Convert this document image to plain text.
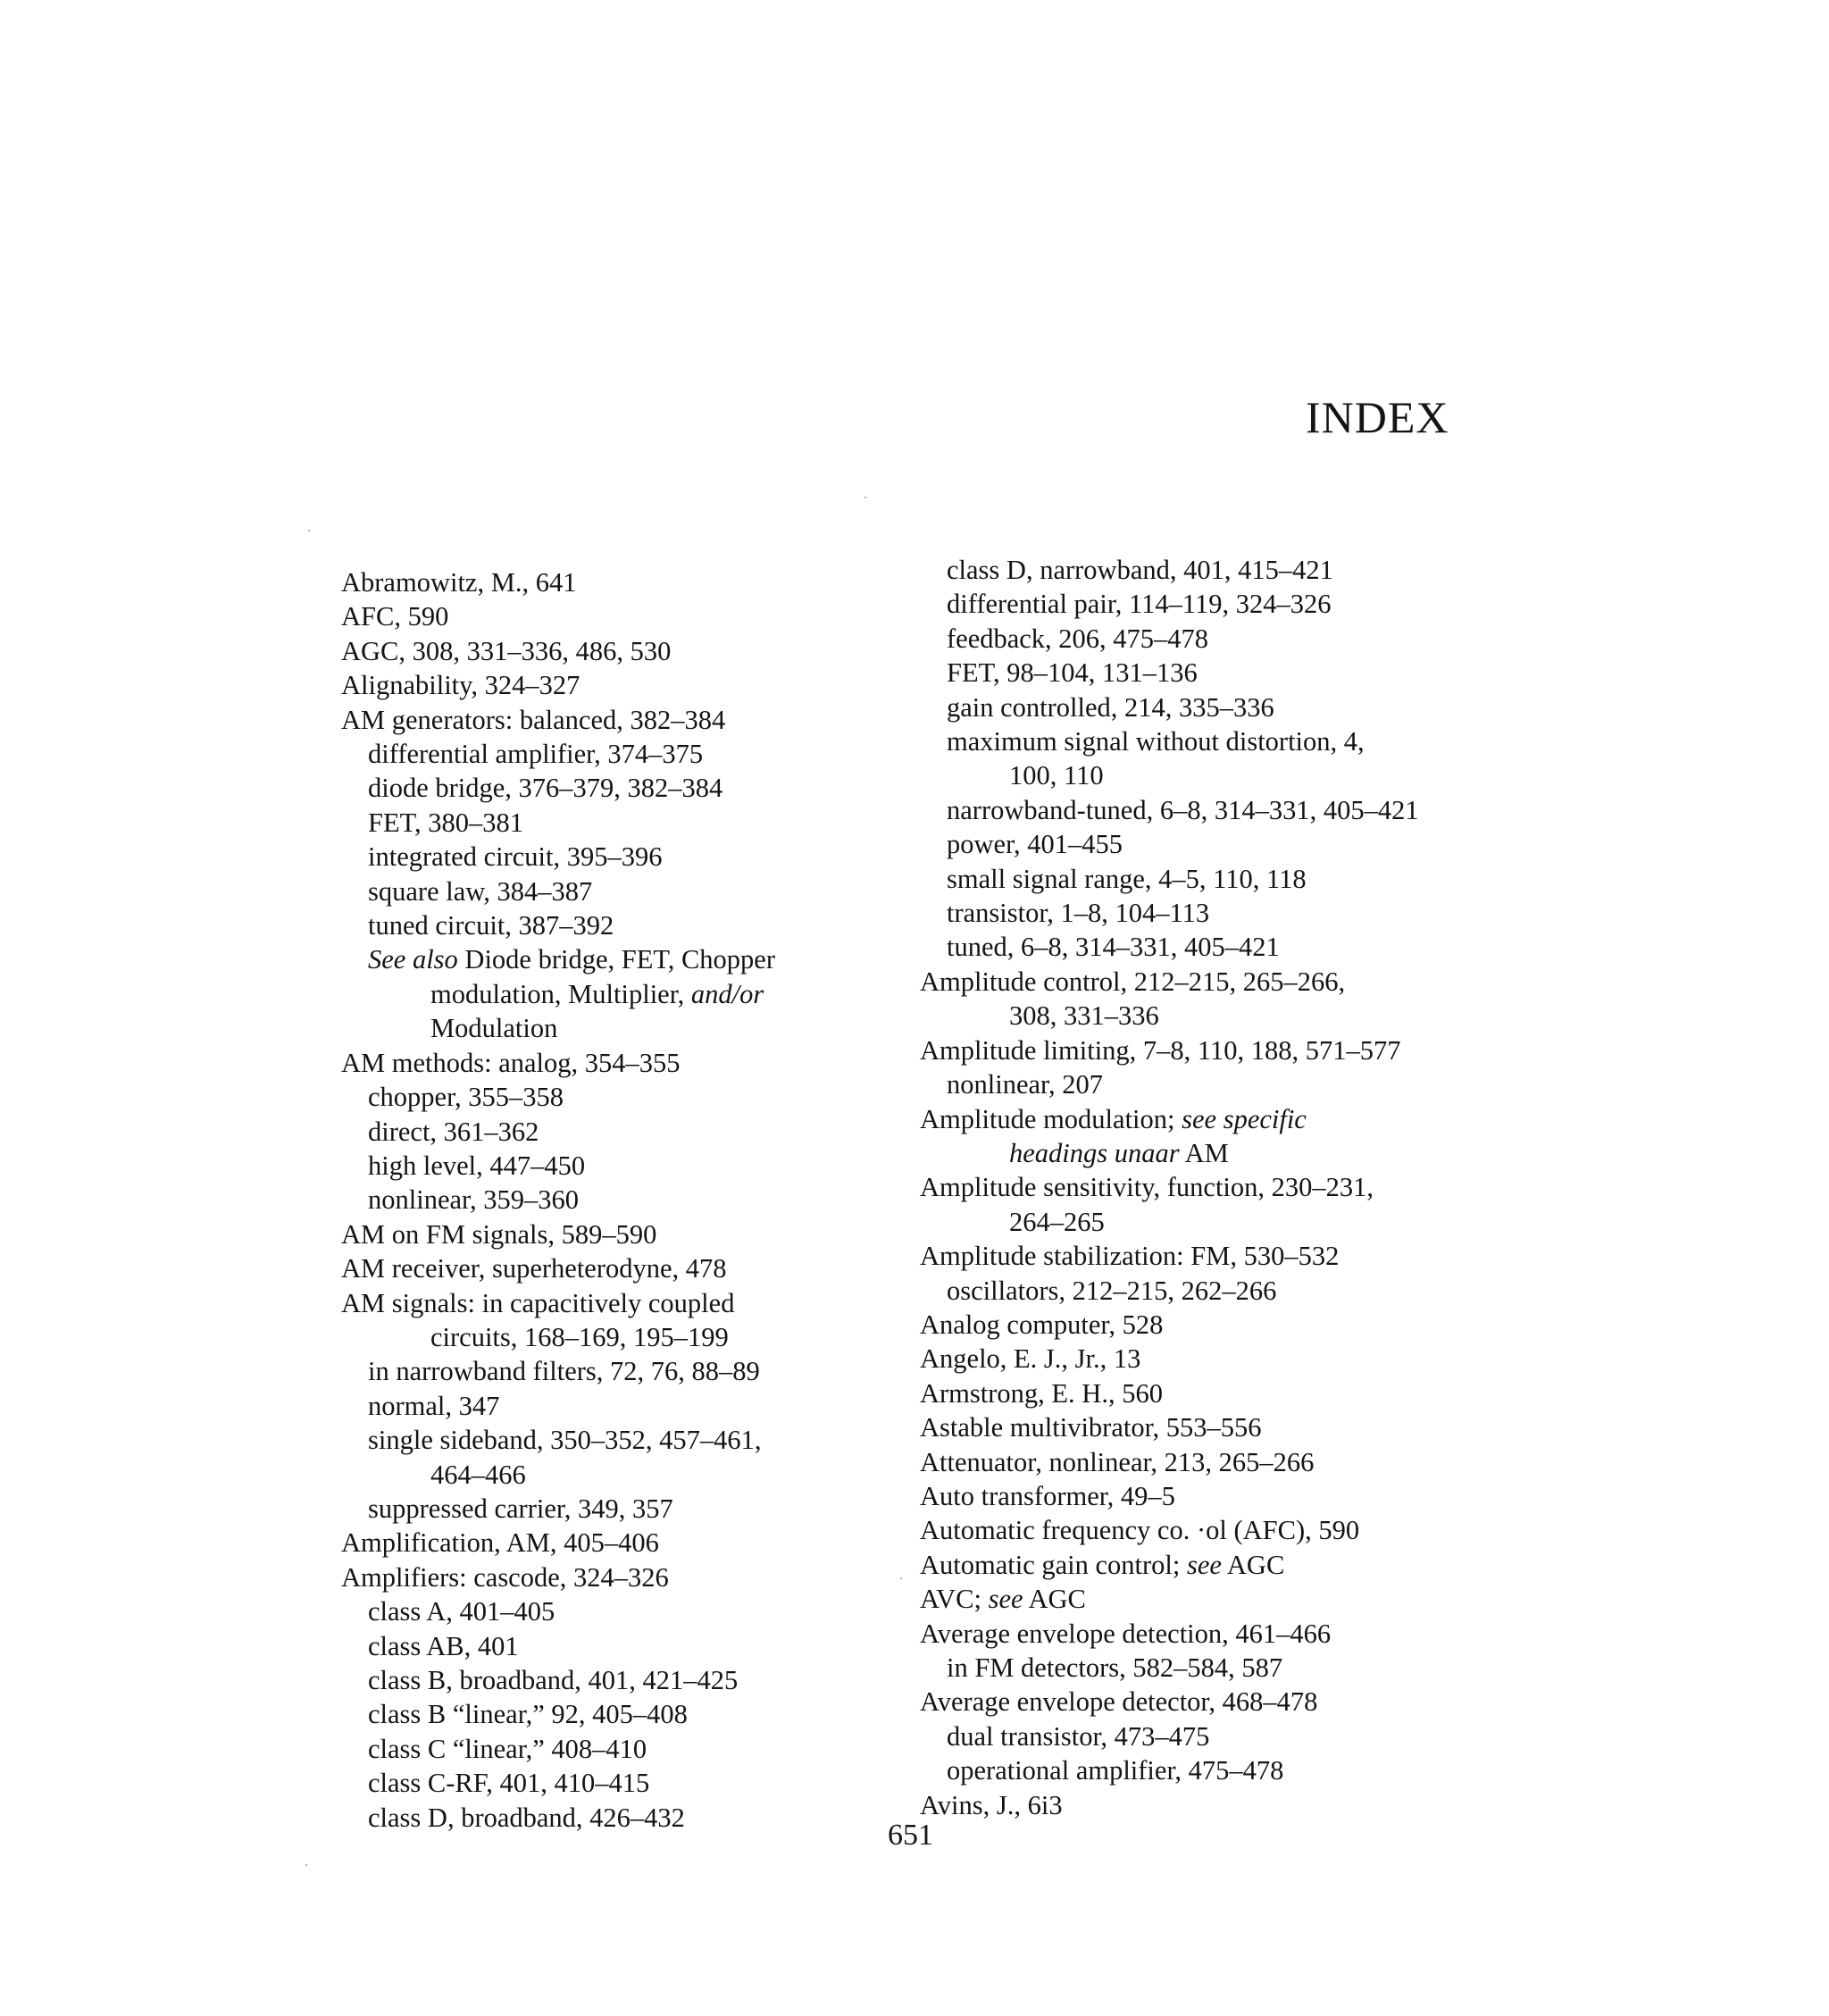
INDEX
Abramowitz, M., 641
AFC, 590
AGC, 308, 331–336, 486, 530
Alignability, 324–327
AM generators: balanced, 382–384
differential amplifier, 374–375
diode bridge, 376–379, 382–384
FET, 380–381
integrated circuit, 395–396
square law, 384–387
tuned circuit, 387–392
See also Diode bridge, FET, Chopper
modulation, Multiplier, and/or
Modulation
AM methods: analog, 354–355
chopper, 355–358
direct, 361–362
high level, 447–450
nonlinear, 359–360
AM on FM signals, 589–590
AM receiver, superheterodyne, 478
AM signals: in capacitively coupled
circuits, 168–169, 195–199
in narrowband filters, 72, 76, 88–89
normal, 347
single sideband, 350–352, 457–461,
464–466
suppressed carrier, 349, 357
Amplification, AM, 405–406
Amplifiers: cascode, 324–326
class A, 401–405
class AB, 401
class B, broadband, 401, 421–425
class B “linear,” 92, 405–408
class C “linear,” 408–410
class C-RF, 401, 410–415
class D, broadband, 426–432
class D, narrowband, 401, 415–421
differential pair, 114–119, 324–326
feedback, 206, 475–478
FET, 98–104, 131–136
gain controlled, 214, 335–336
maximum signal without distortion, 4,
100, 110
narrowband-tuned, 6–8, 314–331, 405–421
power, 401–455
small signal range, 4–5, 110, 118
transistor, 1–8, 104–113
tuned, 6–8, 314–331, 405–421
Amplitude control, 212–215, 265–266,
308, 331–336
Amplitude limiting, 7–8, 110, 188, 571–577
nonlinear, 207
Amplitude modulation; see specific
headings unaar AM
Amplitude sensitivity, function, 230–231,
264–265
Amplitude stabilization: FM, 530–532
oscillators, 212–215, 262–266
Analog computer, 528
Angelo, E. J., Jr., 13
Armstrong, E. H., 560
Astable multivibrator, 553–556
Attenuator, nonlinear, 213, 265–266
Auto transformer, 49–5
Automatic frequency co. ·ol (AFC), 590
Automatic gain control; see AGC
AVC; see AGC
Average envelope detection, 461–466
in FM detectors, 582–584, 587
Average envelope detector, 468–478
dual transistor, 473–475
operational amplifier, 475–478
Avins, J., 6i3
651
